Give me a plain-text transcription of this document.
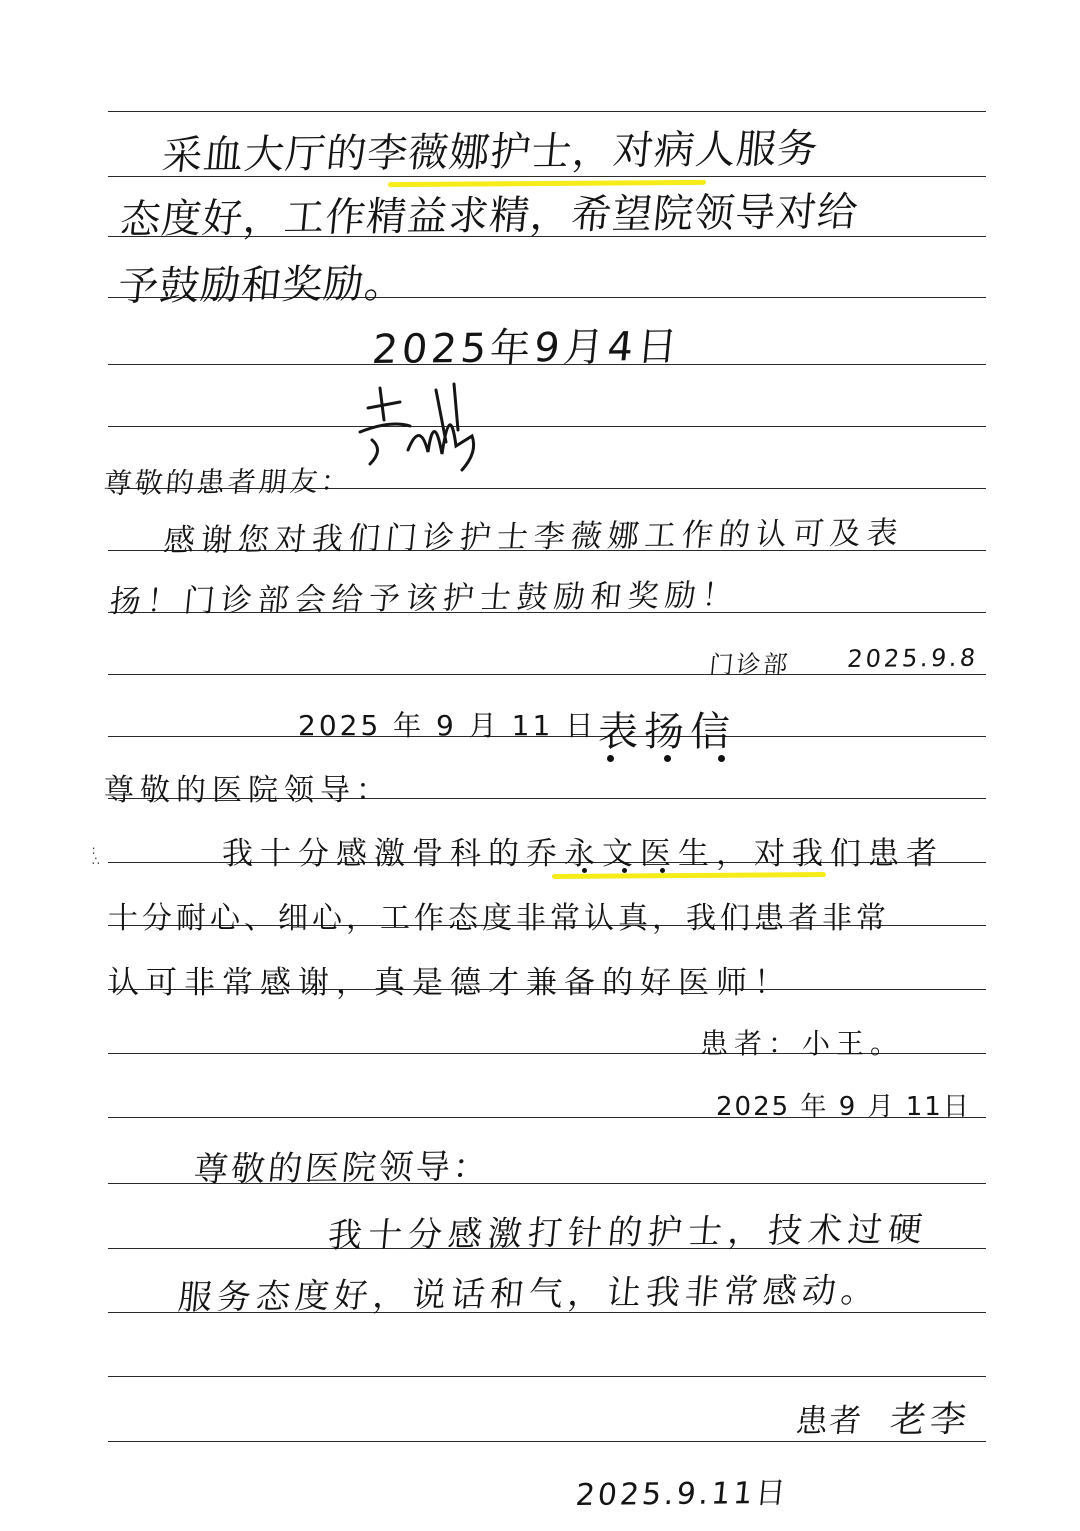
∶
∴
采血大厅的李薇娜护士，对病人服务
态度好，工作精益求精，希望院领导对给
予鼓励和奖励。
2025年9月4日
尊敬的患者朋友：
感谢您对我们门诊护士李薇娜工作的认可及表
扬！门诊部会给予该护士鼓励和奖励！
门诊部 2025.9.8
2025 年 9 月 11 日 表扬信
尊敬的医院领导：
我十分感激骨科的乔永文医生，对我们患者
十分耐心、细心，工作态度非常认真，我们患者非常
认可非常感谢，真是德才兼备的好医师！
患者：小王。
2025 年 9 月 11日
尊敬的医院领导：
我十分感激打针的护士，技术过硬
服务态度好，说话和气，让我非常感动。
患者 老李
2025.9.11日
